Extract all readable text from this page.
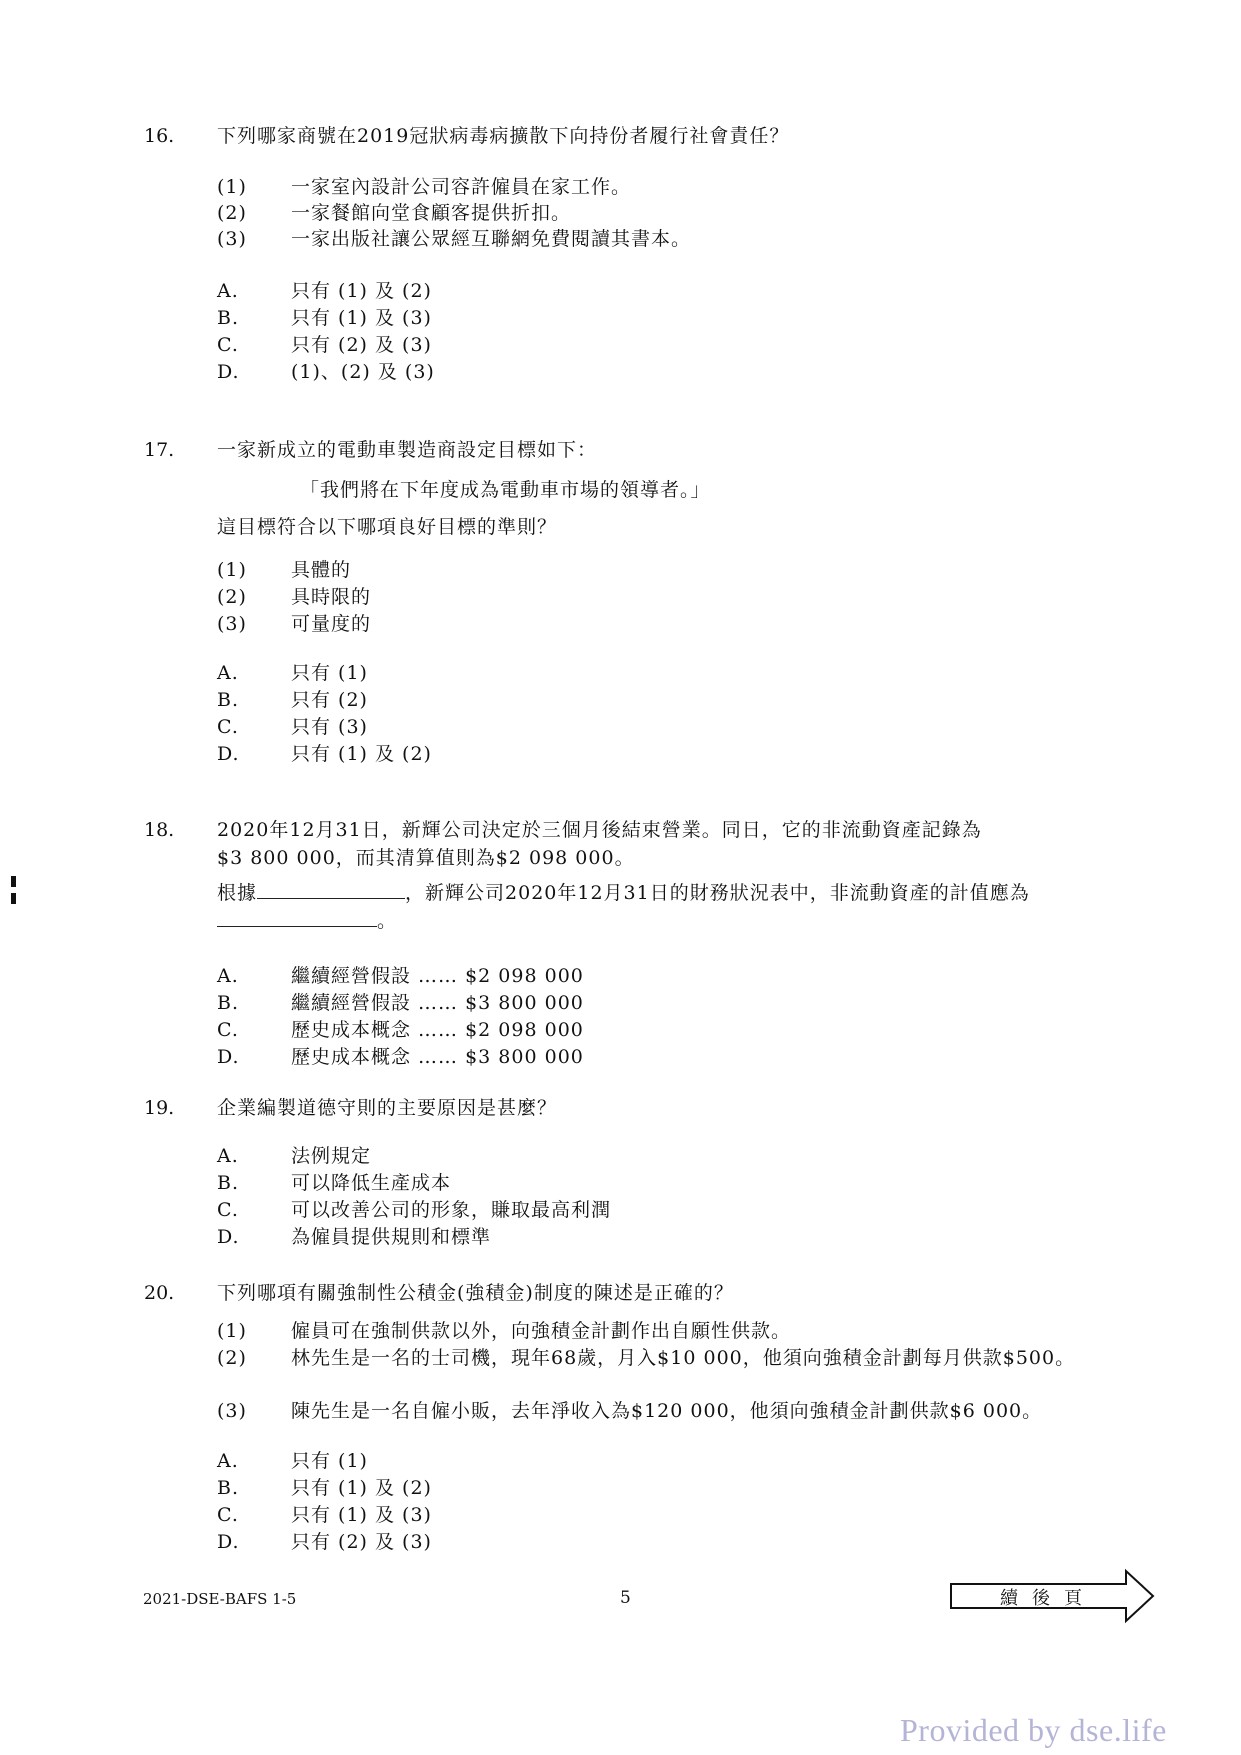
16. 下列哪家商號在2019冠狀病毒病擴散下向持份者履行社會責任？
(1) 一家室內設計公司容許僱員在家工作。
(2) 一家餐館向堂食顧客提供折扣。
(3) 一家出版社讓公眾經互聯網免費閱讀其書本。
A.	只有 (1) 及 (2)
B.	只有 (1) 及 (3)
C.	只有 (2) 及 (3)
D.	(1)、(2) 及 (3)
17. 一家新成立的電動車製造商設定目標如下：
「我們將在下年度成為電動車市場的領導者。」
這目標符合以下哪項良好目標的準則？
(1) 具體的
(2) 具時限的
(3) 可量度的
A.	只有 (1)
B.	只有 (2)
C.	只有 (3)
D.	只有 (1) 及 (2)
18. 2020年12月31日，新輝公司決定於三個月後結束營業。同日，它的非流動資產記錄為
$3 800 000，而其清算值則為$2 098 000。
根據	，新輝公司2020年12月31日的財務狀況表中，非流動資產的計值應為
。
A.	繼續經營假設 …… $2 098 000
B.	繼續經營假設 …… $3 800 000
C.	歷史成本概念 …… $2 098 000
D.	歷史成本概念 …… $3 800 000
19. 企業編製道德守則的主要原因是甚麼？
A.	法例規定
B.	可以降低生產成本
C.	可以改善公司的形象，賺取最高利潤
D.	為僱員提供規則和標準
20. 下列哪項有關強制性公積金(強積金)制度的陳述是正確的？
(1) 僱員可在強制供款以外，向強積金計劃作出自願性供款。
(2) 林先生是一名的士司機，現年68歲，月入$10 000，他須向強積金計劃每月供款$500。
(3) 陳先生是一名自僱小販，去年淨收入為$120 000，他須向強積金計劃供款$6 000。
A.	只有 (1)
B.	只有 (1) 及 (2)
C.	只有 (1) 及 (3)
D.	只有 (2) 及 (3)
2021-DSE-BAFS 1-5	5	續後頁
Provided by dse.life
